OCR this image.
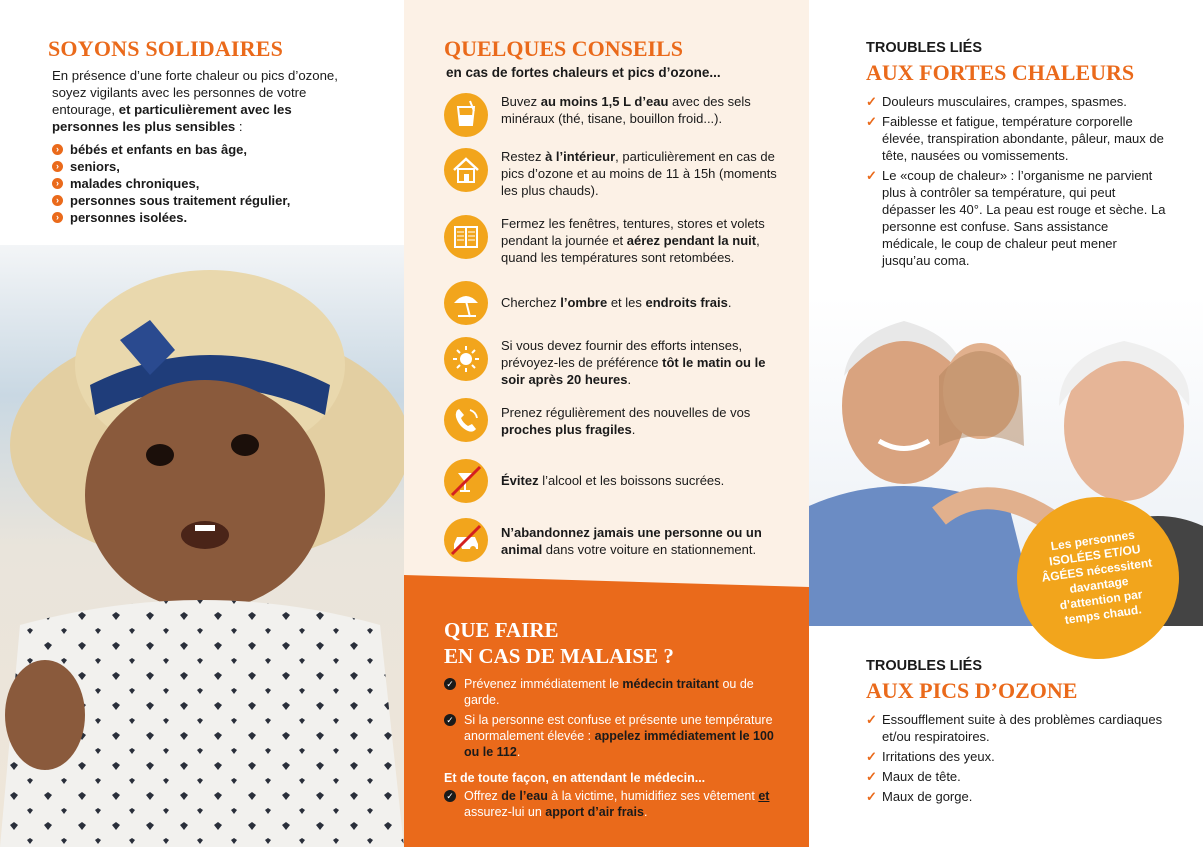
SOYONS SOLIDAIRES
En présence d’une forte chaleur ou pics d’ozone, soyez vigilants avec les personnes de votre entourage, et particulièrement avec les personnes les plus sensibles :
› bébés et enfants en bas âge,
› seniors,
› malades chroniques,
› personnes sous traitement régulier,
› personnes isolées.
QUELQUES CONSEILS
en cas de fortes chaleurs et pics d’ozone...
Buvez au moins 1,5 L d’eau avec des sels minéraux (thé, tisane, bouillon froid...).
Restez à l’intérieur, particulièrement en cas de pics d’ozone et au moins de 11 à 15h (moments les plus chauds).
Fermez les fenêtres, tentures, stores et volets pendant la journée et aérez pendant la nuit, quand les températures sont retombées.
Cherchez l’ombre et les endroits frais.
Si vous devez fournir des efforts intenses, prévoyez-les de préférence tôt le matin ou le soir après 20 heures.
Prenez régulièrement des nouvelles de vos proches plus fragiles.
Évitez l’alcool et les boissons sucrées.
N’abandonnez jamais une personne ou un animal dans votre voiture en stationnement.
QUE FAIRE
EN CAS DE MALAISE ?
✓ Prévenez immédiatement le médecin traitant ou de garde.
✓ Si la personne est confuse et présente une température anormalement élevée : appelez immédiatement le 100 ou le 112.
Et de toute façon, en attendant le médecin...
✓ Offrez de l’eau à la victime, humidifiez ses vêtement et assurez-lui un apport d’air frais.
TROUBLES LIÉS
AUX FORTES CHALEURS
✓ Douleurs musculaires, crampes, spasmes.
✓ Faiblesse et fatigue, température corporelle élevée, transpiration abondante, pâleur, maux de tête, nausées ou vomissements.
✓ Le «coup de chaleur» : l’organisme ne parvient plus à contrôler sa température, qui peut dépasser les 40°. La peau est rouge et sèche. La personne est confuse. Sans assistance médicale, le coup de chaleur peut mener jusqu’au coma.
Les personnes ISOLÉES ET/OU ÂGÉES nécessitent davantage d’attention par temps chaud.
TROUBLES LIÉS
AUX PICS D’OZONE
✓ Essoufflement suite à des problèmes cardiaques et/ou respiratoires.
✓ Irritations des yeux.
✓ Maux de tête.
✓ Maux de gorge.
